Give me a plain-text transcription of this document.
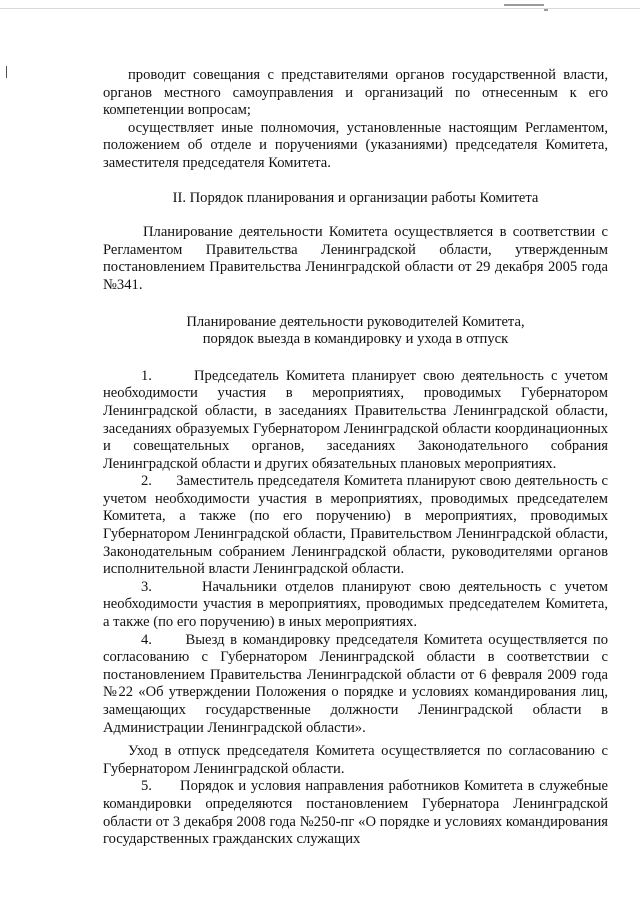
проводит совещания с представителями органов государственной власти, органов местного самоуправления и организаций по отнесенным к его компетенции вопросам;

осуществляет иные полномочия, установленные настоящим Регламентом, положением об отделе и поручениями (указаниями) председателя Комитета, заместителя председателя Комитета.

II. Порядок планирования и организации работы Комитета

Планирование деятельности Комитета осуществляется в соответствии с Регламентом Правительства Ленинградской области, утвержденным постановлением Правительства Ленинградской области от 29 декабря 2005 года №341.

Планирование деятельности руководителей Комитета,

порядок выезда в командировку и ухода в отпуск

1.      Председатель Комитета планирует свою деятельность с учетом необходимости участия в мероприятиях, проводимых Губернатором Ленинградской области, в заседаниях Правительства Ленинградской области, заседаниях образуемых Губернатором Ленинградской области координационных и совещательных органов, заседаниях Законодательного собрания Ленинградской области и других обязательных плановых мероприятиях.

2.      Заместитель председателя Комитета планируют свою деятельность с учетом необходимости участия в мероприятиях, проводимых председателем Комитета, а также (по его поручению) в мероприятиях, проводимых Губернатором Ленинградской области, Правительством Ленинградской области, Законодательным собранием Ленинградской области, руководителями органов исполнительной власти Ленинградской области.

3.      Начальники отделов планируют свою деятельность с учетом необходимости участия в мероприятиях, проводимых председателем Комитета, а также (по его поручению) в иных мероприятиях.

4.      Выезд в командировку председателя Комитета осуществляется по согласованию с Губернатором Ленинградской области в соответствии с постановлением Правительства Ленинградской области от 6 февраля 2009 года №22 «Об утверждении Положения о порядке и условиях командирования лиц, замещающих государственные должности Ленинградской области в Администрации Ленинградской области».

Уход в отпуск председателя Комитета осуществляется по согласованию с Губернатором Ленинградской области.

5.      Порядок и условия направления работников Комитета в служебные командировки определяются постановлением Губернатора Ленинградской области от 3 декабря 2008 года №250-пг «О порядке и условиях командирования государственных гражданских служащих
